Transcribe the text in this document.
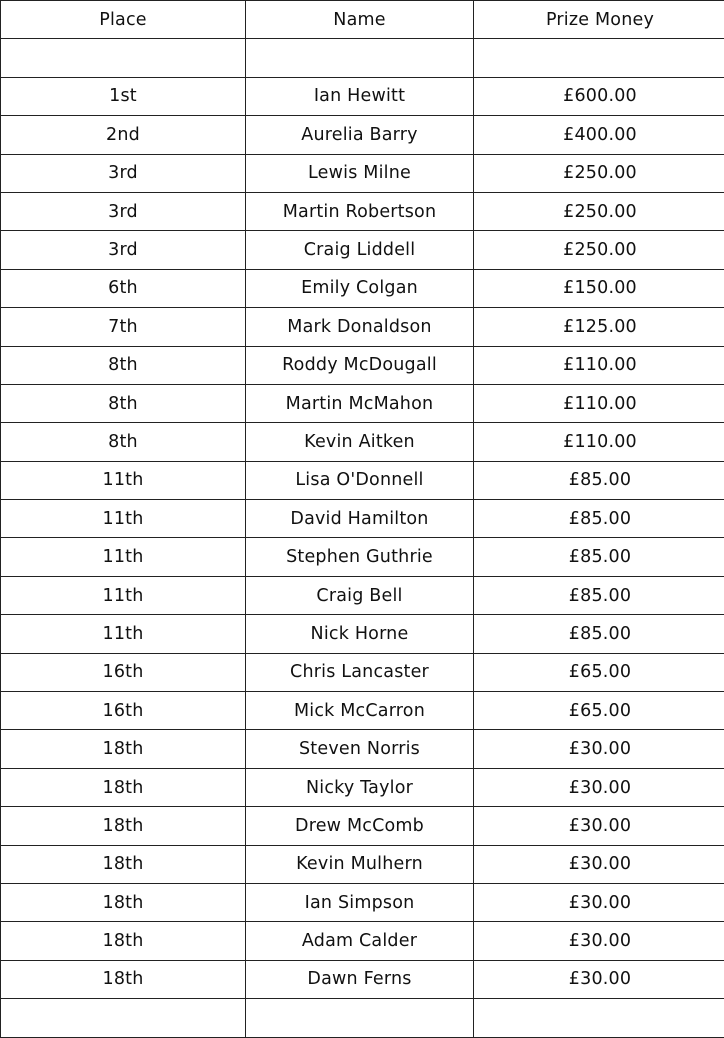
Place	Name	Prize Money

1st	Ian Hewitt	£600.00
2nd	Aurelia Barry	£400.00
3rd	Lewis Milne	£250.00
3rd	Martin Robertson	£250.00
3rd	Craig Liddell	£250.00
6th	Emily Colgan	£150.00
7th	Mark Donaldson	£125.00
8th	Roddy McDougall	£110.00
8th	Martin McMahon	£110.00
8th	Kevin Aitken	£110.00
11th	Lisa O'Donnell	£85.00
11th	David Hamilton	£85.00
11th	Stephen Guthrie	£85.00
11th	Craig Bell	£85.00
11th	Nick Horne	£85.00
16th	Chris Lancaster	£65.00
16th	Mick McCarron	£65.00
18th	Steven Norris	£30.00
18th	Nicky Taylor	£30.00
18th	Drew McComb	£30.00
18th	Kevin Mulhern	£30.00
18th	Ian Simpson	£30.00
18th	Adam Calder	£30.00
18th	Dawn Ferns	£30.00
